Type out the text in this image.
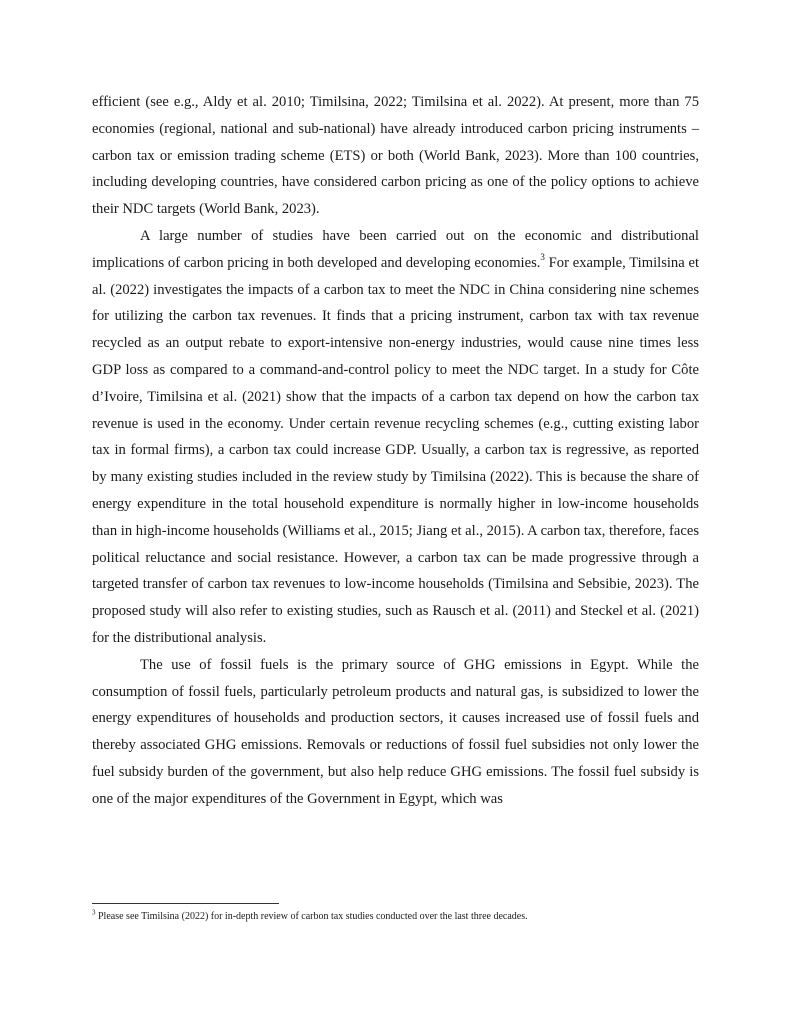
efficient (see e.g., Aldy et al. 2010; Timilsina, 2022; Timilsina et al. 2022). At present, more than 75 economies (regional, national and sub-national) have already introduced carbon pricing instruments – carbon tax or emission trading scheme (ETS) or both (World Bank, 2023). More than 100 countries, including developing countries, have considered carbon pricing as one of the policy options to achieve their NDC targets (World Bank, 2023).

A large number of studies have been carried out on the economic and distributional implications of carbon pricing in both developed and developing economies.$^3$ For example, Timilsina et al. (2022) investigates the impacts of a carbon tax to meet the NDC in China considering nine schemes for utilizing the carbon tax revenues. It finds that a pricing instrument, carbon tax with tax revenue recycled as an output rebate to export-intensive non-energy industries, would cause nine times less GDP loss as compared to a command-and-control policy to meet the NDC target. In a study for Côte d’Ivoire, Timilsina et al. (2021) show that the impacts of a carbon tax depend on how the carbon tax revenue is used in the economy. Under certain revenue recycling schemes (e.g., cutting existing labor tax in formal firms), a carbon tax could increase GDP. Usually, a carbon tax is regressive, as reported by many existing studies included in the review study by Timilsina (2022). This is because the share of energy expenditure in the total household expenditure is normally higher in low-income households than in high-income households (Williams et al., 2015; Jiang et al., 2015). A carbon tax, therefore, faces political reluctance and social resistance. However, a carbon tax can be made progressive through a targeted transfer of carbon tax revenues to low-income households (Timilsina and Sebsibie, 2023). The proposed study will also refer to existing studies, such as Rausch et al. (2011) and Steckel et al. (2021) for the distributional analysis.

The use of fossil fuels is the primary source of GHG emissions in Egypt. While the consumption of fossil fuels, particularly petroleum products and natural gas, is subsidized to lower the energy expenditures of households and production sectors, it causes increased use of fossil fuels and thereby associated GHG emissions. Removals or reductions of fossil fuel subsidies not only lower the fuel subsidy burden of the government, but also help reduce GHG emissions. The fossil fuel subsidy is one of the major expenditures of the Government in Egypt, which was

$^3$ Please see Timilsina (2022) for in-depth review of carbon tax studies conducted over the last three decades.
